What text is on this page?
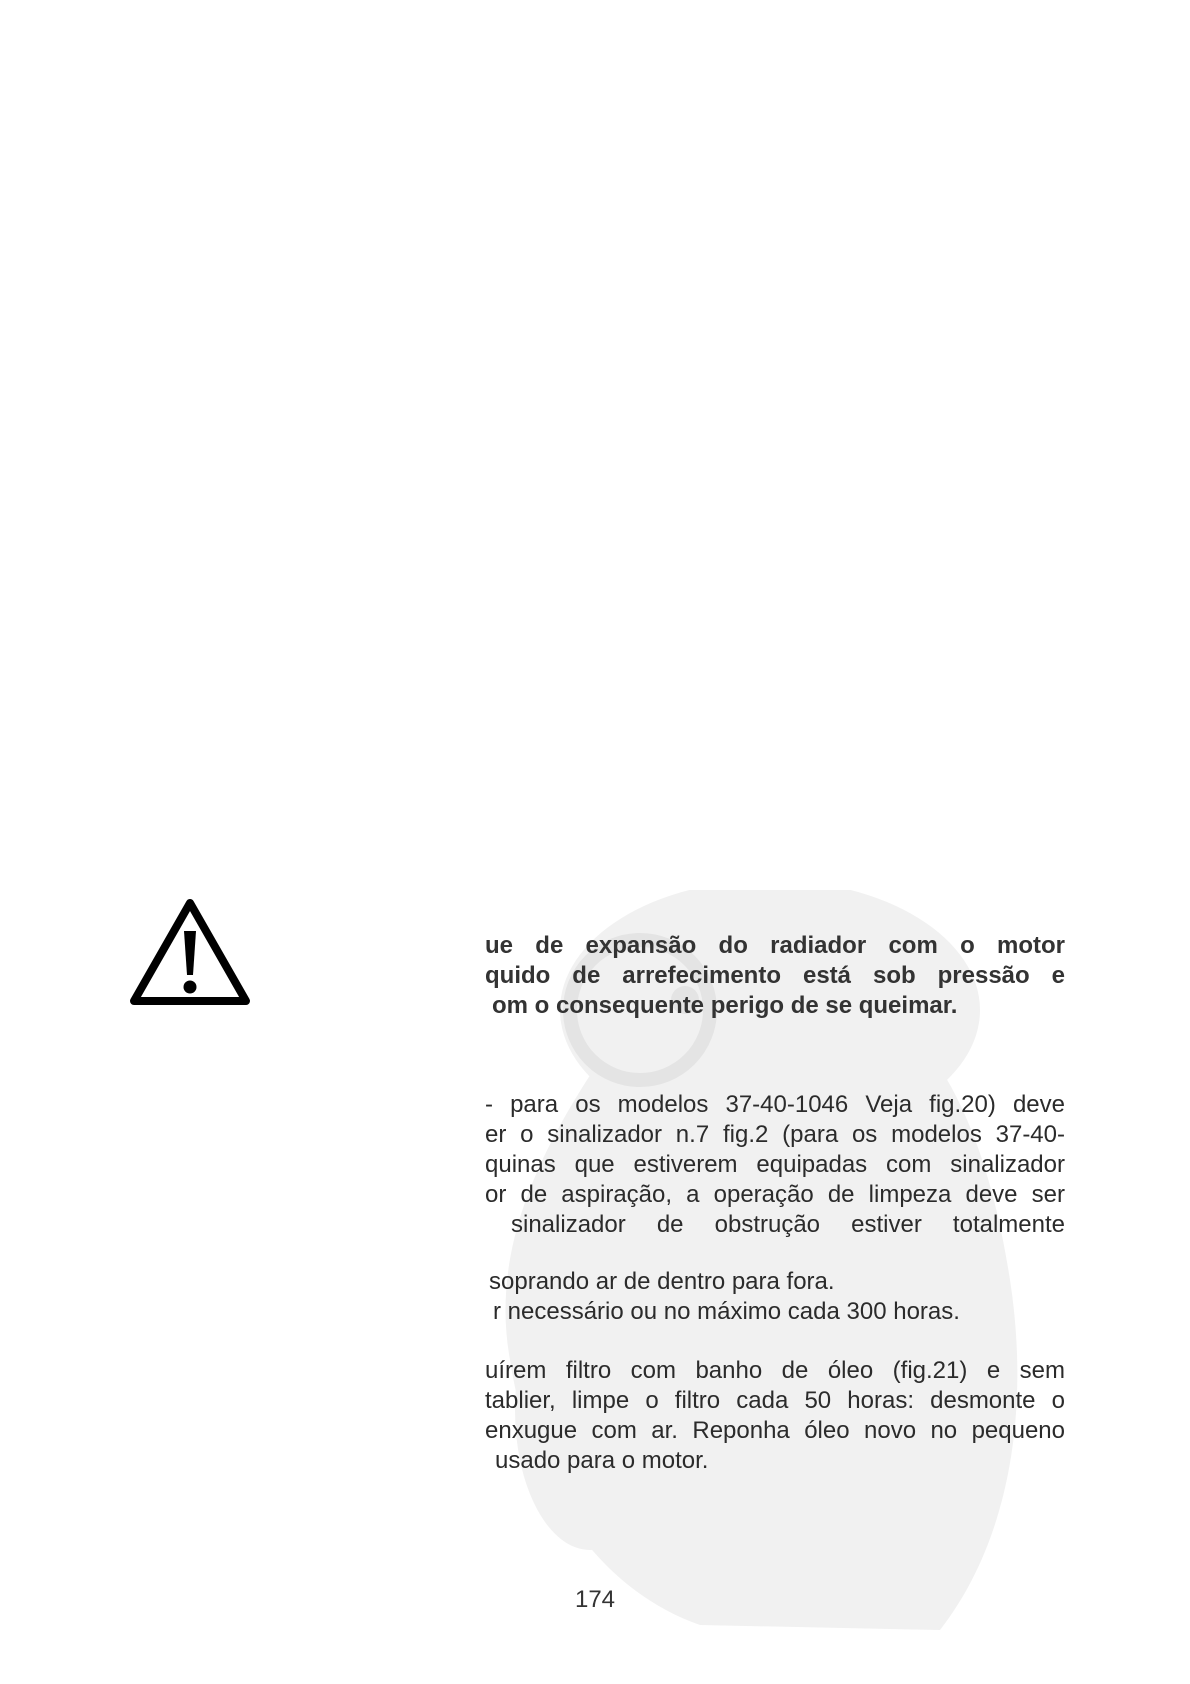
ue de expansão do radiador com o motor
quido de arrefecimento está sob pressão e
om o consequente perigo de se queimar.
- para os modelos 37-40-1046 Veja fig.20) deve
er o sinalizador n.7 fig.2 (para os modelos 37-40-
quinas que estiverem equipadas com sinalizador
or de aspiração, a operação de limpeza deve ser
sinalizador de obstrução estiver totalmente
soprando ar de dentro para fora.
r necessário ou no máximo cada 300 horas.
uírem filtro com banho de óleo (fig.21) e sem
tablier, limpe o filtro cada 50 horas: desmonte o
enxugue com ar. Reponha óleo novo no pequeno
usado para o motor.
174
